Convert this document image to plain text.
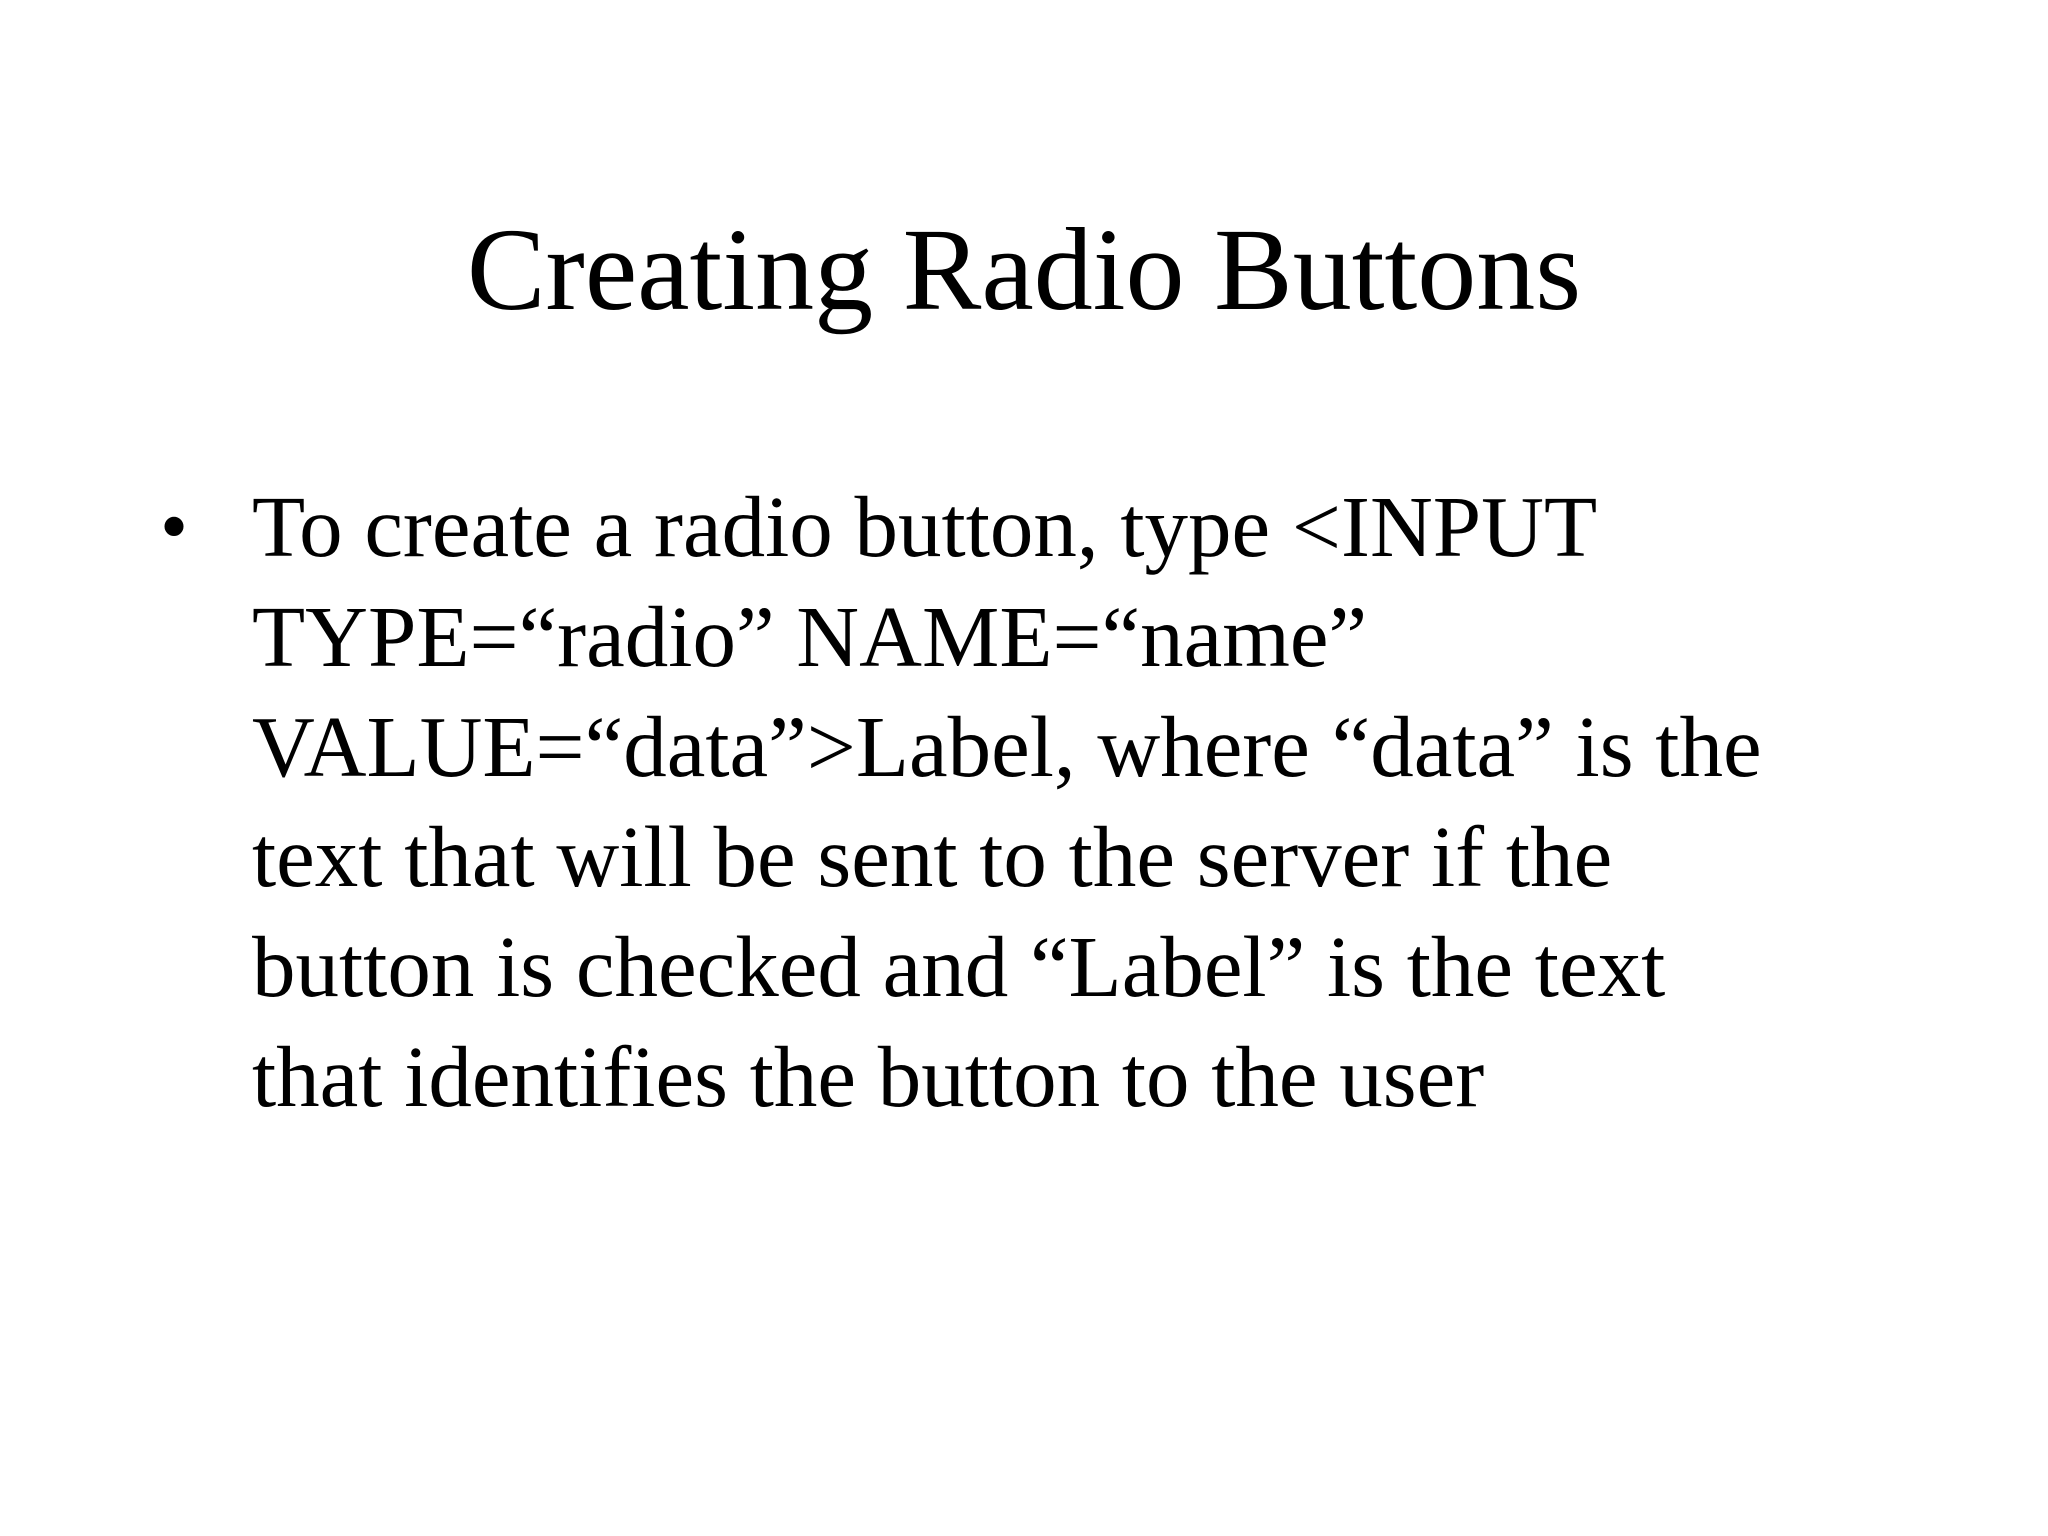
Creating Radio Buttons
• To create a radio button, type <INPUT
TYPE=“radio” NAME=“name”
VALUE=“data”>Label, where “data” is the
text that will be sent to the server if the
button is checked and “Label” is the text
that identifies the button to the user
